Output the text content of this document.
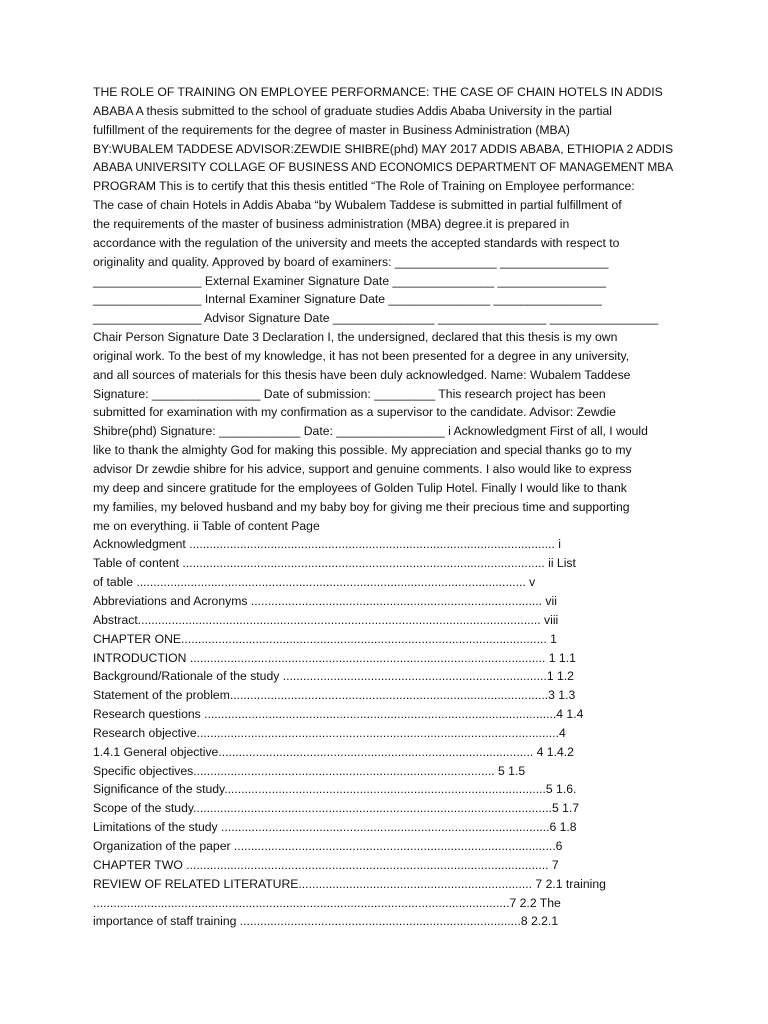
THE ROLE OF TRAINING ON EMPLOYEE PERFORMANCE: THE CASE OF CHAIN HOTELS IN ADDIS
ABABA A thesis submitted to the school of graduate studies Addis Ababa University in the partial
fulfillment of the requirements for the degree of master in Business Administration (MBA)
BY:WUBALEM TADDESE ADVISOR:ZEWDIE SHIBRE(phd) MAY 2017 ADDIS ABABA, ETHIOPIA 2 ADDIS
ABABA UNIVERSITY COLLAGE OF BUSINESS AND ECONOMICS DEPARTMENT OF MANAGEMENT MBA
PROGRAM This is to certify that this thesis entitled “The Role of Training on Employee performance:
The case of chain Hotels in Addis Ababa “by Wubalem Taddese is submitted in partial fulfillment of
the requirements of the master of business administration (MBA) degree.it is prepared in
accordance with the regulation of the university and meets the accepted standards with respect to
originality and quality. Approved by board of examiners: _______________ ________________
________________ External Examiner Signature Date _______________ ________________
________________ Internal Examiner Signature Date _______________ ________________
________________ Advisor Signature Date _______________ ________________ ________________
Chair Person Signature Date 3 Declaration I, the undersigned, declared that this thesis is my own
original work. To the best of my knowledge, it has not been presented for a degree in any university,
and all sources of materials for this thesis have been duly acknowledged. Name: Wubalem Taddese
Signature: ________________ Date of submission: _________ This research project has been
submitted for examination with my confirmation as a supervisor to the candidate. Advisor: Zewdie
Shibre(phd) Signature: ____________ Date: ________________ i Acknowledgment First of all, I would
like to thank the almighty God for making this possible. My appreciation and special thanks go to my
advisor Dr zewdie shibre for his advice, support and genuine comments. I also would like to express
my deep and sincere gratitude for the employees of Golden Tulip Hotel. Finally I would like to thank
my families, my beloved husband and my baby boy for giving me their precious time and supporting
me on everything. ii Table of content Page
Acknowledgment ............................................................................................................ i
Table of content ........................................................................................................... ii List
of table ................................................................................................................... v
Abbreviations and Acronyms ...................................................................................... vii
Abstract....................................................................................................................... viii
CHAPTER ONE............................................................................................................ 1
INTRODUCTION ......................................................................................................... 1 1.1
Background/Rationale of the study ..............................................................................1 1.2
Statement of the problem..............................................................................................3 1.3
Research questions ........................................................................................................4 1.4
Research objective...........................................................................................................4
1.4.1 General objective............................................................................................. 4 1.4.2
Specific objectives......................................................................................... 5 1.5
Significance of the study...............................................................................................5 1.6.
Scope of the study..........................................................................................................5 1.7
Limitations of the study .................................................................................................6 1.8
Organization of the paper ...............................................................................................6
CHAPTER TWO ........................................................................................................... 7
REVIEW OF RELATED LITERATURE..................................................................... 7 2.1 training
...........................................................................................................................7 2.2 The
importance of staff training ...................................................................................8 2.2.1
